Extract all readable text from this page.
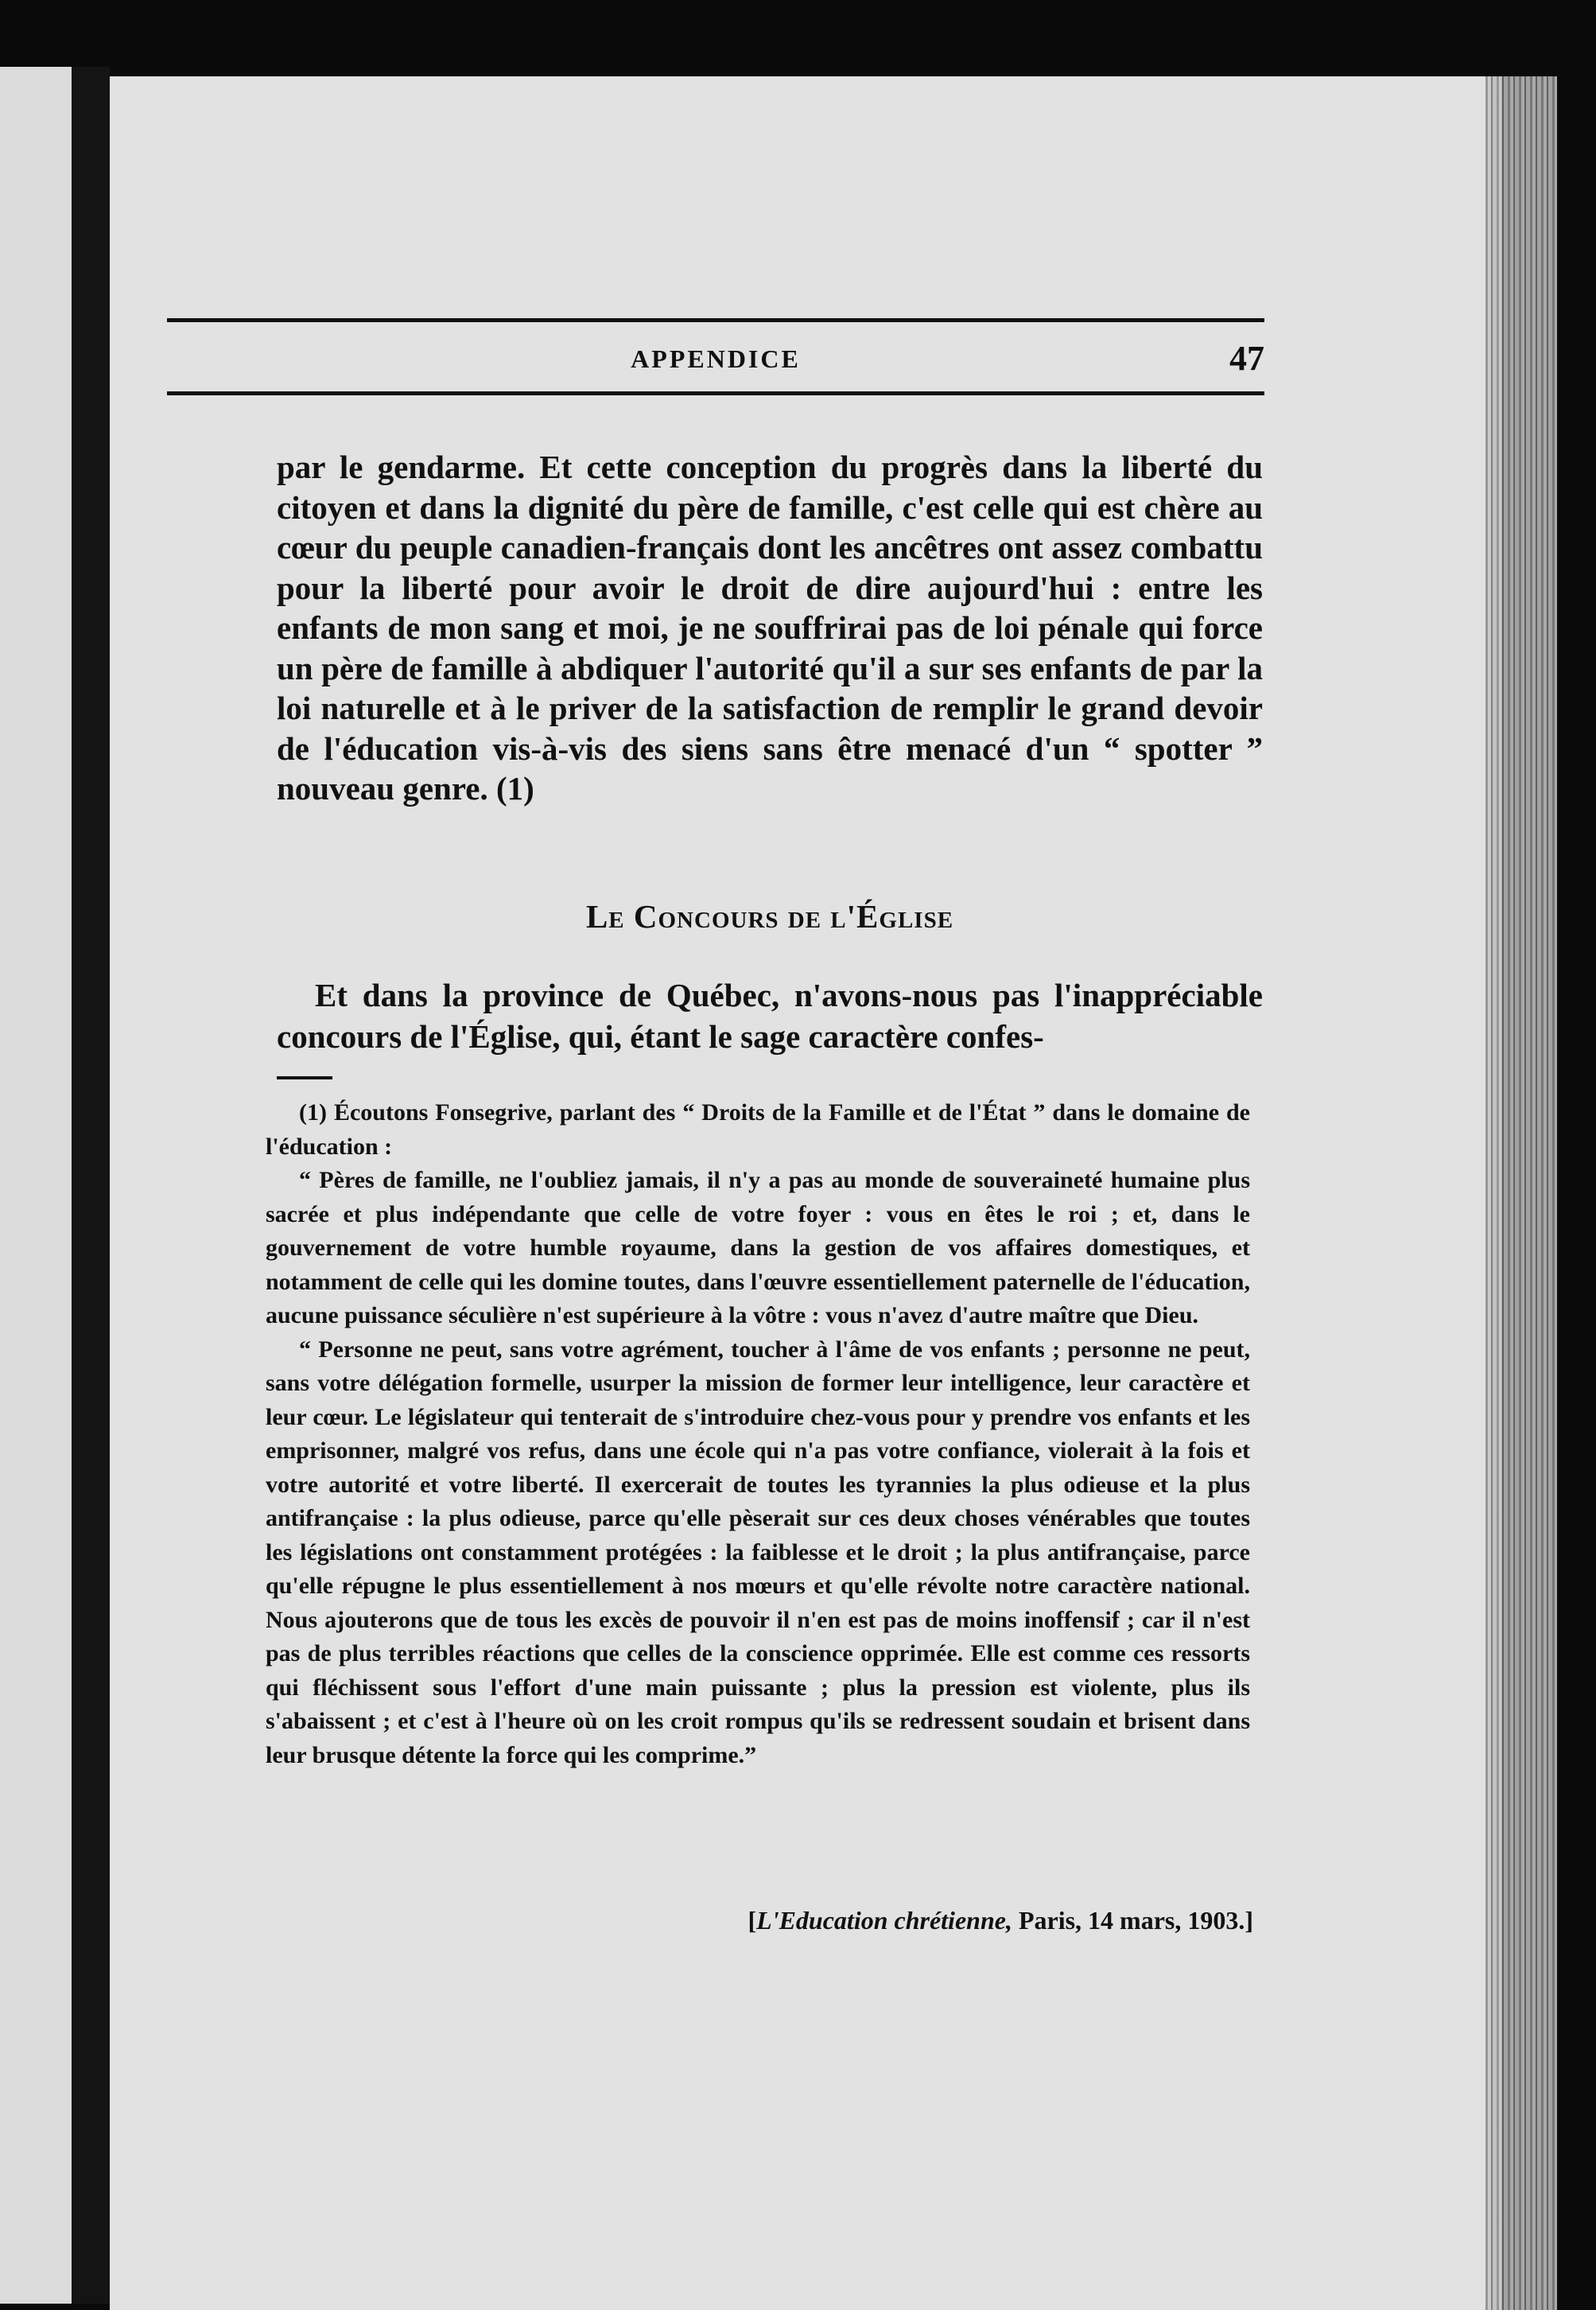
APPENDICE	47
par le gendarme. Et cette conception du progrès dans la liberté du citoyen et dans la dignité du père de famille, c'est celle qui est chère au cœur du peuple canadien-français dont les ancêtres ont assez combattu pour la liberté pour avoir le droit de dire aujourd'hui : entre les enfants de mon sang et moi, je ne souffrirai pas de loi pénale qui force un père de famille à abdiquer l'autorité qu'il a sur ses enfants de par la loi naturelle et à le priver de la satisfaction de remplir le grand devoir de l'éducation vis-à-vis des siens sans être menacé d'un “ spotter ” nouveau genre. (1)
Le Concours de l'Église
Et dans la province de Québec, n'avons-nous pas l'inappréciable concours de l'Église, qui, étant le sage caractère confes-

(1) Écoutons Fonsegrive, parlant des “ Droits de la Famille et de l'État ” dans le domaine de l'éducation :

“ Pères de famille, ne l'oubliez jamais, il n'y a pas au monde de souveraineté humaine plus sacrée et plus indépendante que celle de votre foyer : vous en êtes le roi ; et, dans le gouvernement de votre humble royaume, dans la gestion de vos affaires domestiques, et notamment de celle qui les domine toutes, dans l'œuvre essentiellement paternelle de l'éducation, aucune puissance séculière n'est supérieure à la vôtre : vous n'avez d'autre maître que Dieu.

“ Personne ne peut, sans votre agrément, toucher à l'âme de vos enfants ; personne ne peut, sans votre délégation formelle, usurper la mission de former leur intelligence, leur caractère et leur cœur. Le législateur qui tenterait de s'introduire chez-vous pour y prendre vos enfants et les emprisonner, malgré vos refus, dans une école qui n'a pas votre confiance, violerait à la fois et votre autorité et votre liberté. Il exercerait de toutes les tyrannies la plus odieuse et la plus antifrançaise : la plus odieuse, parce qu'elle pèserait sur ces deux choses vénérables que toutes les législations ont constamment protégées : la faiblesse et le droit ; la plus antifrançaise, parce qu'elle répugne le plus essentiellement à nos mœurs et qu'elle révolte notre caractère national. Nous ajouterons que de tous les excès de pouvoir il n'en est pas de moins inoffensif ; car il n'est pas de plus terribles réactions que celles de la conscience opprimée. Elle est comme ces ressorts qui fléchissent sous l'effort d'une main puissante ; plus la pression est violente, plus ils s'abaissent ; et c'est à l'heure où on les croit rompus qu'ils se redressent soudain et brisent dans leur brusque détente la force qui les comprime.”

[L'Education chrétienne, Paris, 14 mars, 1903.]
